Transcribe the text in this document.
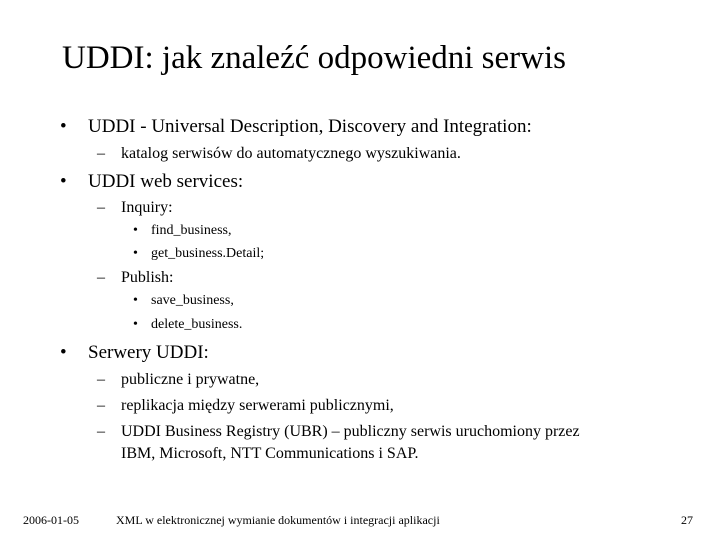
UDDI: jak znaleźć odpowiedni serwis
• UDDI - Universal Description, Discovery and Integration:
– katalog serwisów do automatycznego wyszukiwania.
• UDDI web services:
– Inquiry:
• find_business,
• get_business.Detail;
– Publish:
• save_business,
• delete_business.
• Serwery UDDI:
– publiczne i prywatne,
– replikacja między serwerami publicznymi,
– UDDI Business Registry (UBR) – publiczny serwis uruchomiony przez
IBM, Microsoft, NTT Communications i SAP.
2006-01-05	XML w elektronicznej wymianie dokumentów i integracji aplikacji	27
